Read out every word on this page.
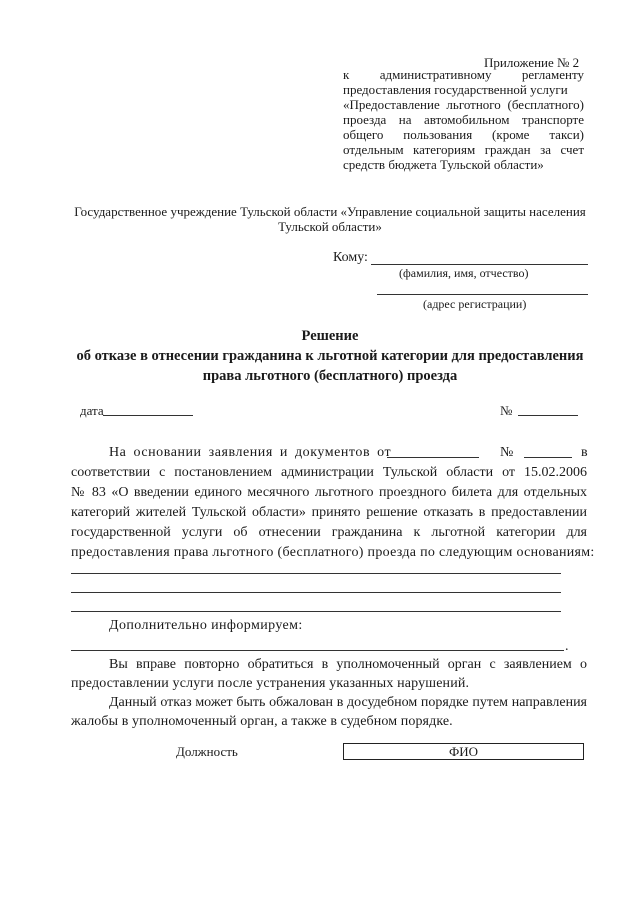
Приложение № 2
к административному регламенту
предоставления государственной услуги
«Предоставление льготного (бесплатного)
проезда на автомобильном транспорте
общего пользования (кроме такси)
отдельным категориям граждан за счет
средств бюджета Тульской области»
Государственное учреждение Тульской области «Управление социальной защиты населения
Тульской области»
Кому:
(фамилия, имя, отчество)
(адрес регистрации)
Решение
об отказе в отнесении гражданина к льготной категории для предоставления
права льготного (бесплатного) проезда
дата	№
На основании заявления и документов от	№	в
соответствии с постановлением администрации Тульской области от 15.02.2006
№ 83 «О введении единого месячного льготного проездного билета для отдельных
категорий жителей Тульской области» принято решение отказать в предоставлении
государственной услуги об отнесении гражданина к льготной категории для
предоставления права льготного (бесплатного) проезда по следующим основаниям:
Дополнительно информируем:
.
Вы вправе повторно обратиться в уполномоченный орган с заявлением о
предоставлении услуги после устранения указанных нарушений.
Данный отказ может быть обжалован в досудебном порядке путем направления
жалобы в уполномоченный орган, а также в судебном порядке.
Должность	ФИО
